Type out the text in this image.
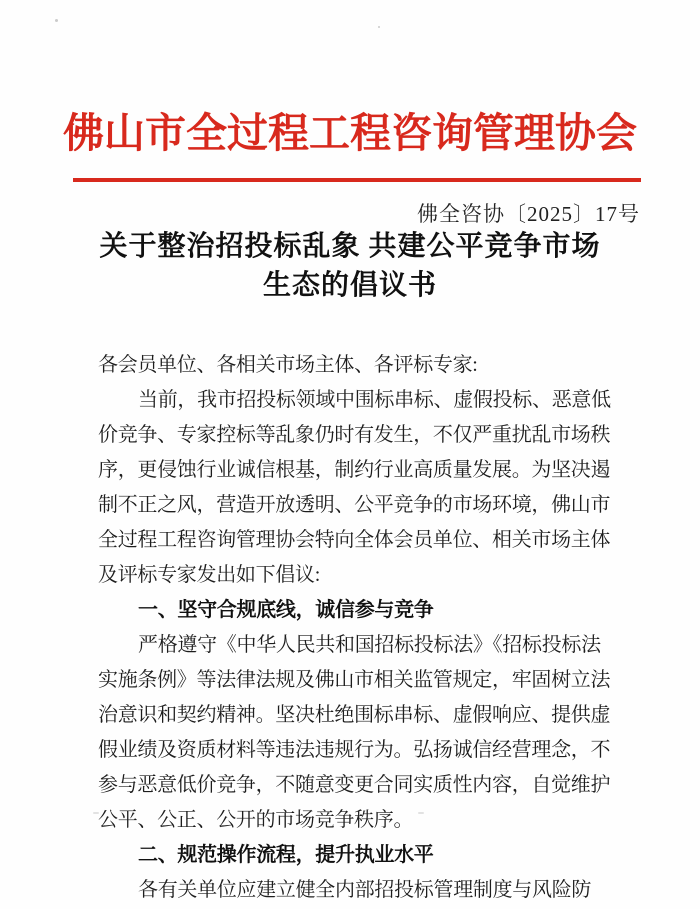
佛山市全过程工程咨询管理协会
佛全咨协〔2025〕17号
关于整治招投标乱象 共建公平竞争市场
生态的倡议书
各会员单位、各相关市场主体、各评标专家:
当前，我市招投标领域中围标串标、虚假投标、恶意低
价竞争、专家控标等乱象仍时有发生，不仅严重扰乱市场秩
序，更侵蚀行业诚信根基，制约行业高质量发展。为坚决遏
制不正之风，营造开放透明、公平竞争的市场环境，佛山市
全过程工程咨询管理协会特向全体会员单位、相关市场主体
及评标专家发出如下倡议:
一、坚守合规底线，诚信参与竞争
严格遵守《中华人民共和国招标投标法》《招标投标法
实施条例》等法律法规及佛山市相关监管规定，牢固树立法
治意识和契约精神。坚决杜绝围标串标、虚假响应、提供虚
假业绩及资质材料等违法违规行为。弘扬诚信经营理念，不
参与恶意低价竞争，不随意变更合同实质性内容，自觉维护
公平、公正、公开的市场竞争秩序。
二、规范操作流程，提升执业水平
各有关单位应建立健全内部招投标管理制度与风险防
